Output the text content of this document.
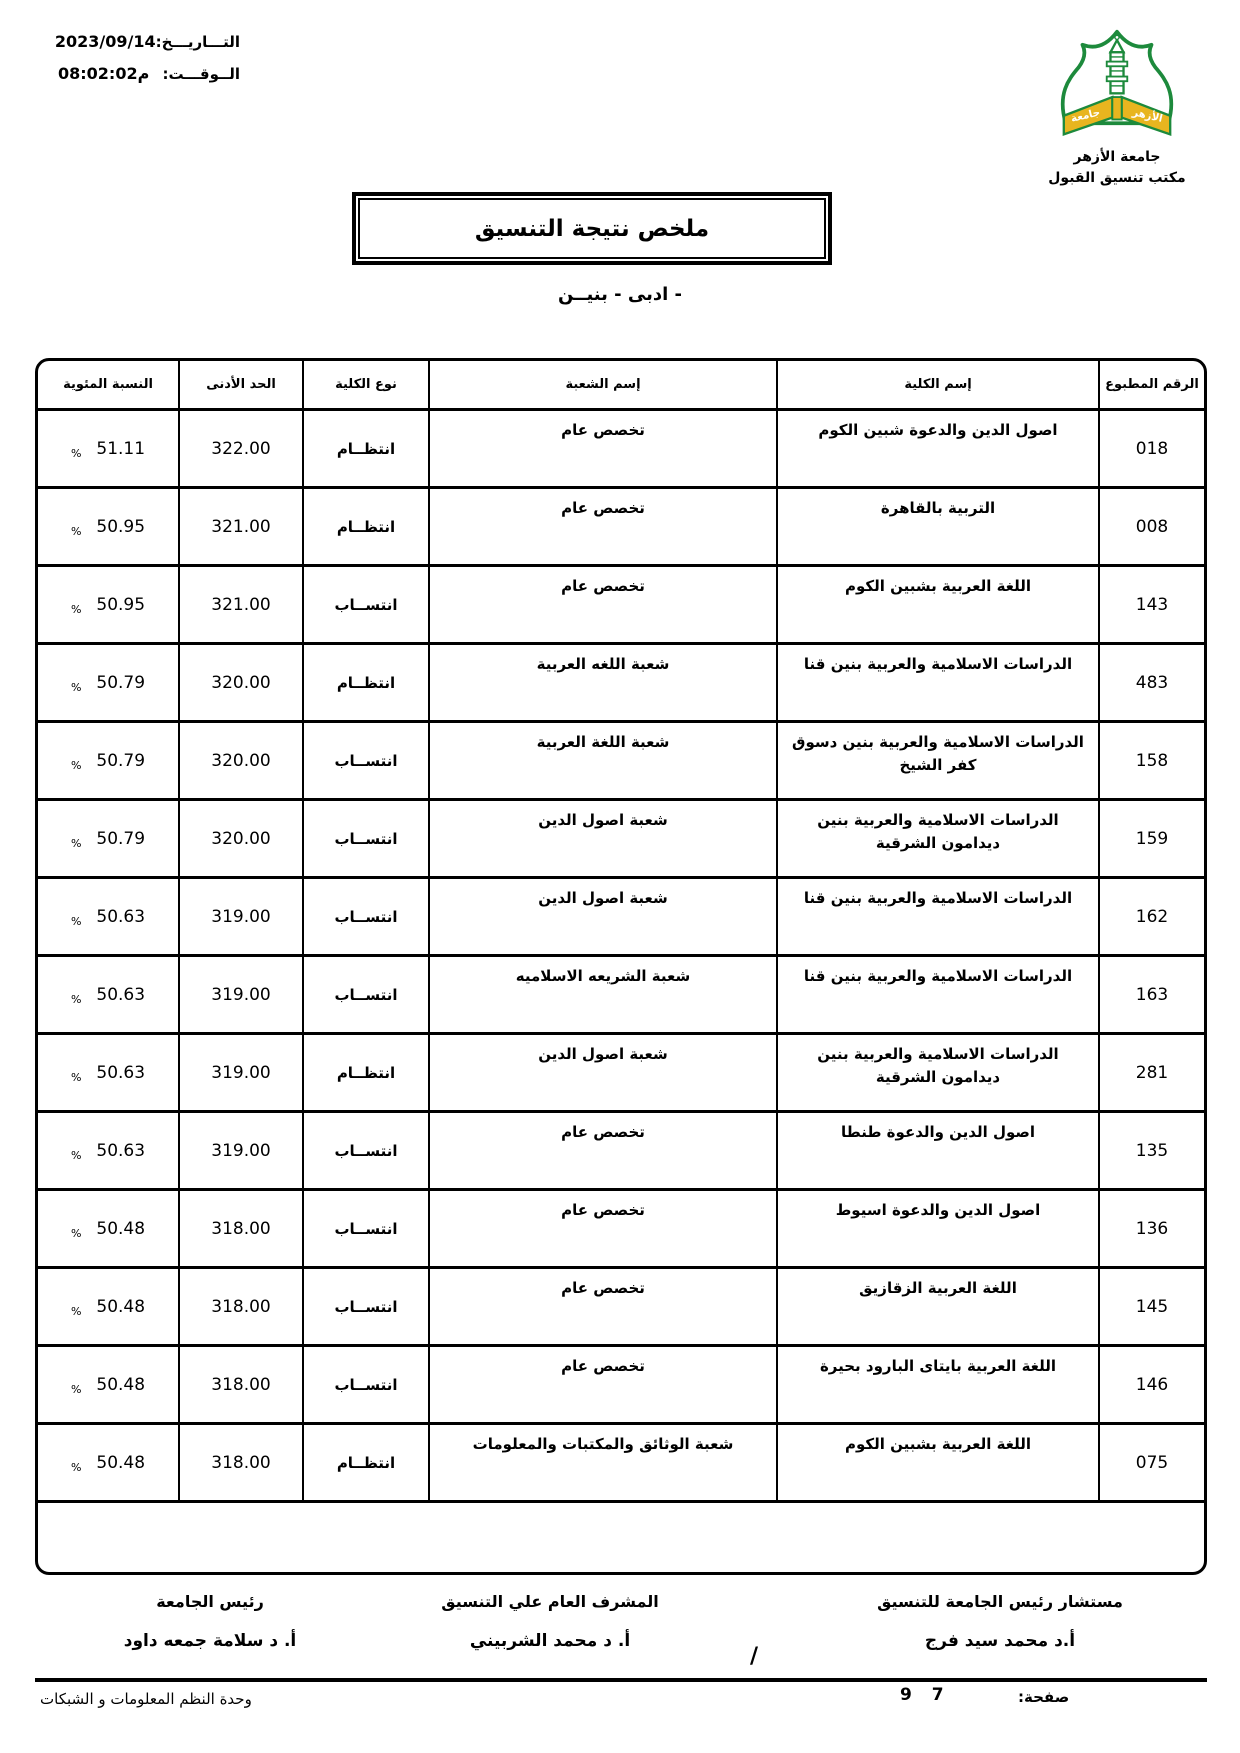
التـــاريـــخ:
2023/09/14
الــوقـــت:
م08:02:02
جامعة	الأزهر
جامعة الأزهر
مكتب تنسيق القبول
ملخص نتيجة التنسيق
- ادبى - بنيــن
الرقم المطبوع
إسم الكلية
إسم الشعبة
نوع الكلية
الحد الأدنى
النسبة المئوية
018
اصول الدين والدعوة شبين الكوم
تخصص عام
انتظــام
322.00
% 51.11
008
التربية بالقاهرة
تخصص عام
انتظــام
321.00
% 50.95
143
اللغة العربية بشبين الكوم
تخصص عام
انتســاب
321.00
% 50.95
483
الدراسات الاسلامية والعربية بنين قنا
شعبة اللغه العربية
انتظــام
320.00
% 50.79
158
الدراسات الاسلامية والعربية بنين دسوق كفر الشيخ
شعبة اللغة العربية
انتســاب
320.00
% 50.79
159
الدراسات الاسلامية والعربية بنين ديدامون الشرقية
شعبة اصول الدين
انتســاب
320.00
% 50.79
162
الدراسات الاسلامية والعربية بنين قنا
شعبة اصول الدين
انتســاب
319.00
% 50.63
163
الدراسات الاسلامية والعربية بنين قنا
شعبة الشريعه الاسلاميه
انتســاب
319.00
% 50.63
281
الدراسات الاسلامية والعربية بنين ديدامون الشرقية
شعبة اصول الدين
انتظــام
319.00
% 50.63
135
اصول الدين والدعوة طنطا
تخصص عام
انتســاب
319.00
% 50.63
136
اصول الدين والدعوة اسيوط
تخصص عام
انتســاب
318.00
% 50.48
145
اللغة العربية الزقازيق
تخصص عام
انتســاب
318.00
% 50.48
146
اللغة العربية بايتاى البارود بحيرة
تخصص عام
انتســاب
318.00
% 50.48
075
اللغة العربية بشبين الكوم
شعبة الوثائق والمكتبات والمعلومات
انتظــام
318.00
% 50.48
مستشار رئيس الجامعة للتنسيق
أ.د محمد سيد فرج
المشرف العام علي التنسيق
أ. د محمد الشربيني
رئيس الجامعة
أ. د سلامة جمعه داود
/
صفحة:
9 7
وحدة النظم المعلومات و الشبكات
